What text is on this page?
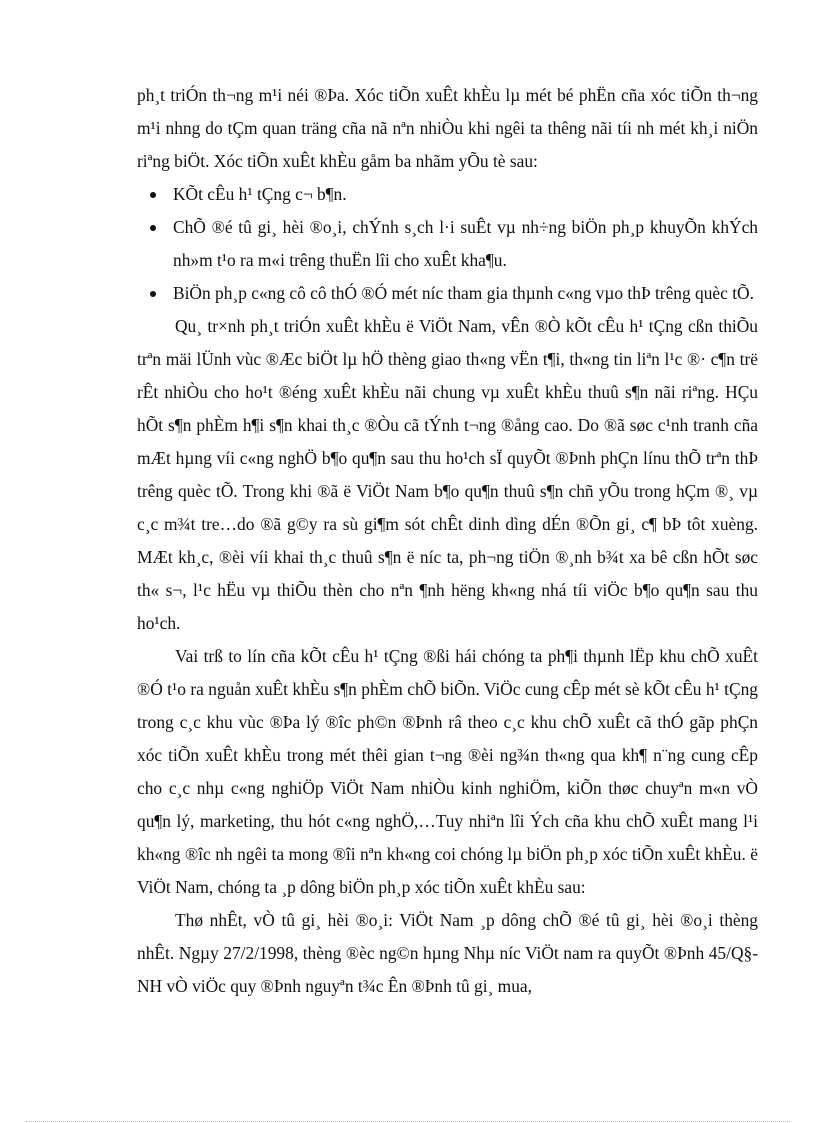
ph¸t triÓn th¬ng m¹i néi ®Þa. Xóc tiÕn xuÊt khÈu lµ mét bé phËn cña xóc tiÕn th¬ng m¹i nhng do tÇm quan träng cña nã nªn nhiÒu khi ngêi ta thêng nãi tíi nh mét kh¸i niÖn riªng biÖt. Xóc tiÕn xuÊt khÈu gåm ba nhãm yÕu tè sau:

KÕt cÊu h¹ tÇng c¬ b¶n.
ChÕ ®é tû gi¸ hèi ®o¸i, chÝnh s¸ch l·i suÊt vµ nh÷ng biÖn ph¸p khuyÕn khÝch nh»m t¹o ra m«i trêng thuËn lîi cho xuÊt kha¶u.
BiÖn ph¸p c«ng cô cô thÓ ®Ó mét níc tham gia thµnh c«ng vµo thÞ trêng quèc tÕ.

Qu¸ tr×nh ph¸t triÓn xuÊt khÈu ë ViÖt Nam, vÊn ®Ò kÕt cÊu h¹ tÇng cßn thiÕu trªn mäi lÜnh vùc ®Æc biÖt lµ hÖ thèng giao th«ng vËn t¶i, th«ng tin liªn l¹c ®· c¶n trë rÊt nhiÒu cho ho¹t ®éng xuÊt khÈu nãi chung vµ xuÊt khÈu thuû s¶n nãi riªng. HÇu hÕt s¶n phÈm h¶i s¶n khai th¸c ®Òu cã tÝnh t¬ng ®ång cao. Do ®ã søc c¹nh tranh cña mÆt hµng víi c«ng nghÖ b¶o qu¶n sau thu ho¹ch sÏ quyÕt ®Þnh phÇn línu thÕ trªn thÞ trêng quèc tÕ. Trong khi ®ã ë ViÖt Nam b¶o qu¶n thuû s¶n chñ yÕu trong hÇm ®¸ vµ c¸c m¾t tre…do ®ã g©y ra sù gi¶m sót chÊt dinh dìng dÉn ®Õn gi¸ c¶ bÞ tôt xuèng. MÆt kh¸c, ®èi víi khai th¸c thuû s¶n ë níc ta, ph¬ng tiÖn ®¸nh b¾t xa bê cßn hÕt søc th« s¬, l¹c hËu vµ thiÕu thèn cho nªn ¶nh hëng kh«ng nhá tíi viÖc b¶o qu¶n sau thu ho¹ch.

Vai trß to lín cña kÕt cÊu h¹ tÇng ®ßi hái chóng ta ph¶i thµnh lËp khu chÕ xuÊt ®Ó t¹o ra nguån xuÊt khÈu s¶n phÈm chÕ biÕn. ViÖc cung cÊp mét sè kÕt cÊu h¹ tÇng trong c¸c khu vùc ®Þa lý ®îc ph©n ®Þnh râ theo c¸c khu chÕ xuÊt cã thÓ gãp phÇn xóc tiÕn xuÊt khÈu trong mét thêi gian t¬ng ®èi ng¾n th«ng qua kh¶ n¨ng cung cÊp cho c¸c nhµ c«ng nghiÖp ViÖt Nam nhiÒu kinh nghiÖm, kiÕn thøc chuyªn m«n vÒ qu¶n lý, marketing, thu hót c«ng nghÖ,…Tuy nhiªn lîi Ých cña khu chÕ xuÊt mang l¹i kh«ng ®îc nh ngêi ta mong ®îi nªn kh«ng coi chóng lµ biÖn ph¸p xóc tiÕn xuÊt khÈu. ë ViÖt Nam, chóng ta ¸p dông biÖn ph¸p xóc tiÕn xuÊt khÈu sau:

Thø nhÊt, vÒ tû gi¸ hèi ®o¸i: ViÖt Nam ¸p dông chÕ ®é tû gi¸ hèi ®o¸i thèng nhÊt. Ngµy 27/2/1998, thèng ®èc ng©n hµng Nhµ níc ViÖt nam ra quyÕt ®Þnh 45/Q§-NH vÒ viÖc quy ®Þnh nguyªn t¾c Ên ®Þnh tû gi¸ mua,
